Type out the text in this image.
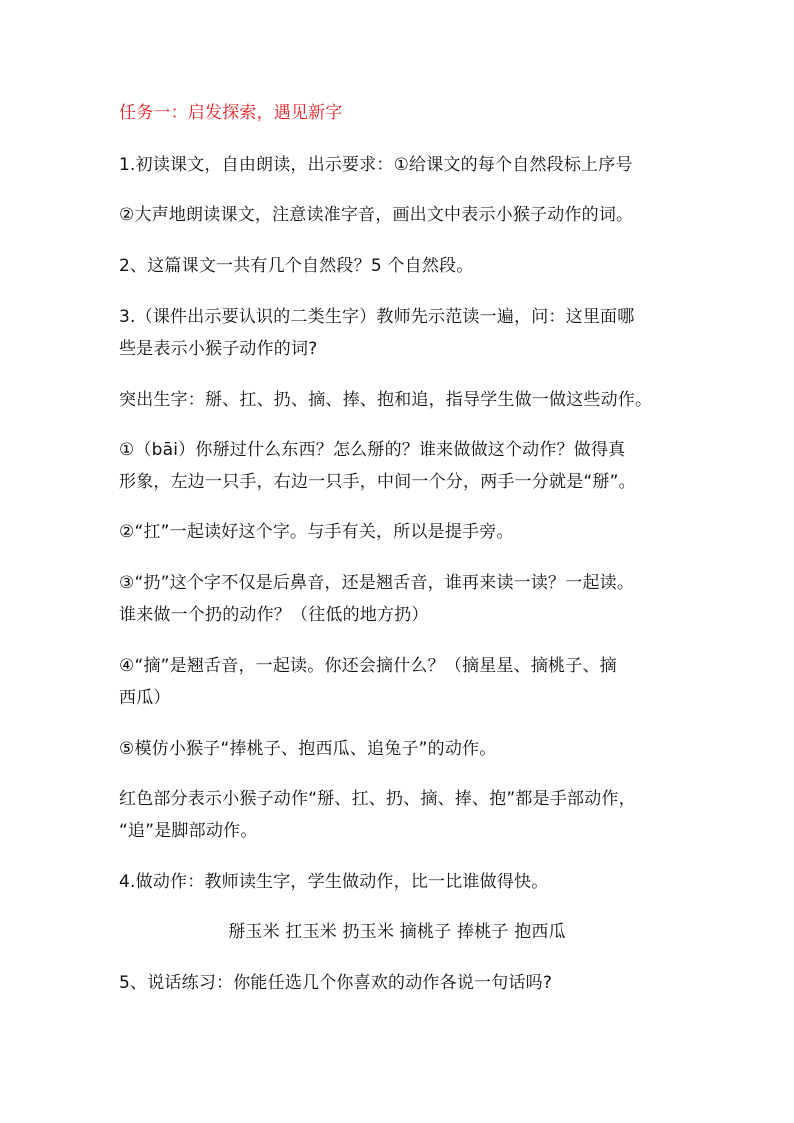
任务一：启发探索，遇见新字
1.初读课文，自由朗读，出示要求：①给课文的每个自然段标上序号
②大声地朗读课文，注意读准字音，画出文中表示小猴子动作的词。
2、这篇课文一共有几个自然段？5 个自然段。
3.（课件出示要认识的二类生字）教师先示范读一遍，问：这里面哪
些是表示小猴子动作的词?
突出生字：掰、扛、扔、摘、捧、抱和追，指导学生做一做这些动作。
①（bāi）你掰过什么东西？怎么掰的？谁来做做这个动作？做得真
形象，左边一只手，右边一只手，中间一个分，两手一分就是“掰”。
②“扛”一起读好这个字。与手有关，所以是提手旁。
③“扔”这个字不仅是后鼻音，还是翘舌音，谁再来读一读？一起读。
谁来做一个扔的动作？（往低的地方扔）
④“摘”是翘舌音，一起读。你还会摘什么？（摘星星、摘桃子、摘
西瓜）
⑤模仿小猴子“捧桃子、抱西瓜、追兔子”的动作。
红色部分表示小猴子动作“掰、扛、扔、摘、捧、抱”都是手部动作，
“追”是脚部动作。
4.做动作：教师读生字，学生做动作，比一比谁做得快。
掰玉米 扛玉米 扔玉米 摘桃子 捧桃子 抱西瓜
5、说话练习：你能任选几个你喜欢的动作各说一句话吗?
